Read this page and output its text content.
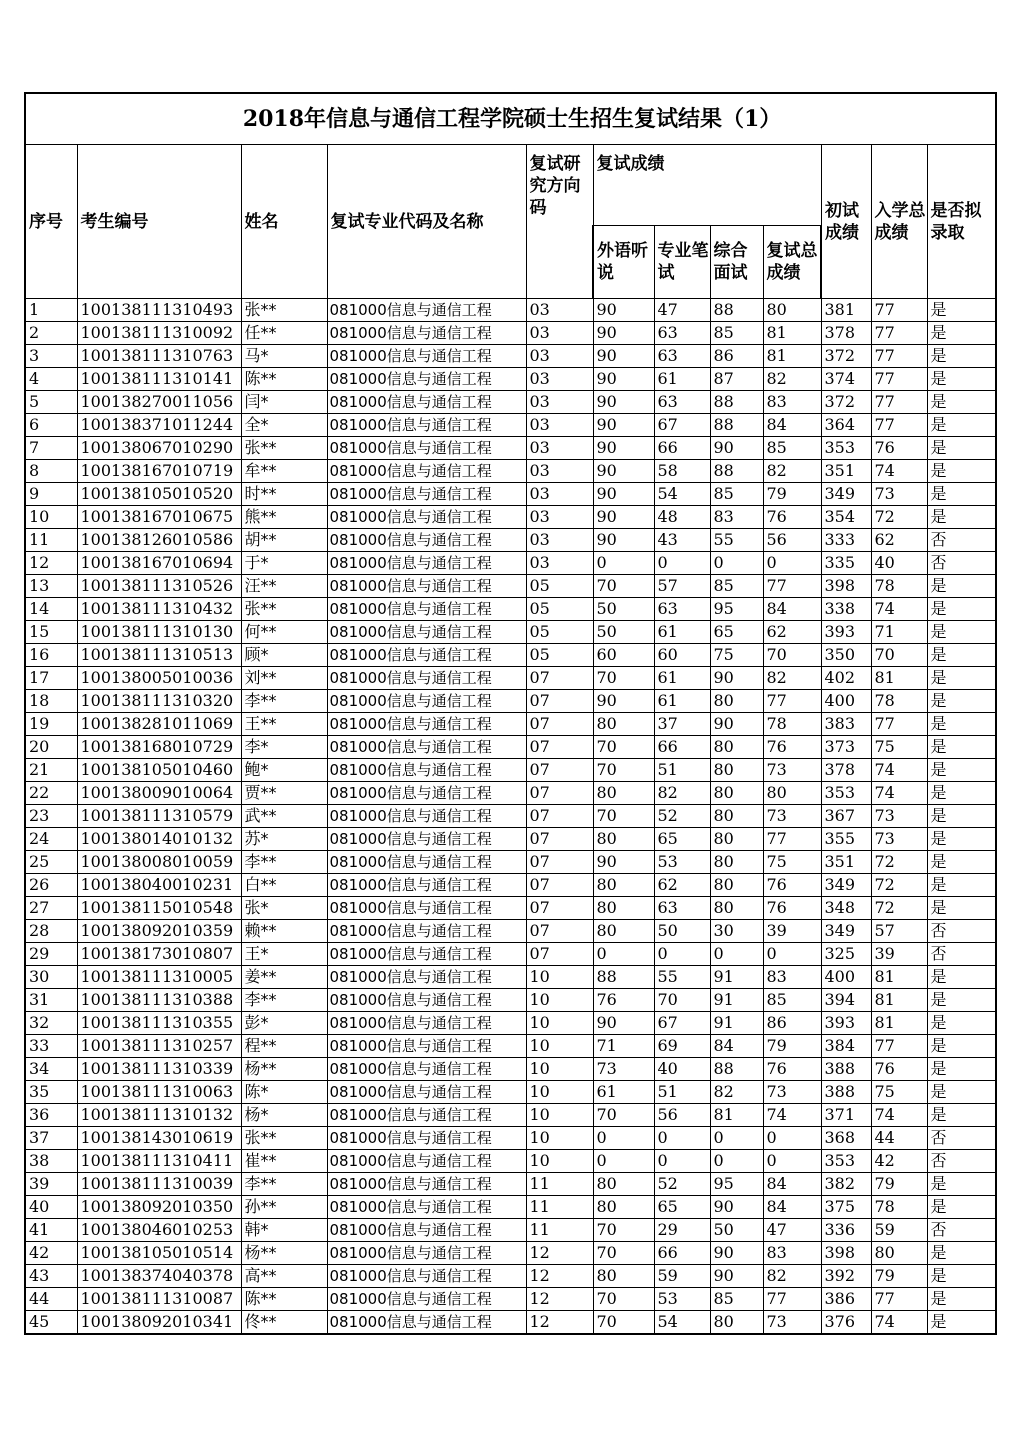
2018年信息与通信工程学院硕士生招生复试结果（1）											
序号	考生编号	姓名	复试专业代码及名称	复试研究方向码	复试成绩				初试成绩	入学总成绩	是否拟录取
					外语听说	专业笔试	综合面试	复试总成绩			
1	100138111310493	张**	081000信息与通信工程	03	90	47	88	80	381	77	是
2	100138111310092	任**	081000信息与通信工程	03	90	63	85	81	378	77	是
3	100138111310763	马*	081000信息与通信工程	03	90	63	86	81	372	77	是
4	100138111310141	陈**	081000信息与通信工程	03	90	61	87	82	374	77	是
5	100138270011056	闫*	081000信息与通信工程	03	90	63	88	83	372	77	是
6	100138371011244	全*	081000信息与通信工程	03	90	67	88	84	364	77	是
7	100138067010290	张**	081000信息与通信工程	03	90	66	90	85	353	76	是
8	100138167010719	牟**	081000信息与通信工程	03	90	58	88	82	351	74	是
9	100138105010520	时**	081000信息与通信工程	03	90	54	85	79	349	73	是
10	100138167010675	熊**	081000信息与通信工程	03	90	48	83	76	354	72	是
11	100138126010586	胡**	081000信息与通信工程	03	90	43	55	56	333	62	否
12	100138167010694	于*	081000信息与通信工程	03	0	0	0	0	335	40	否
13	100138111310526	汪**	081000信息与通信工程	05	70	57	85	77	398	78	是
14	100138111310432	张**	081000信息与通信工程	05	50	63	95	84	338	74	是
15	100138111310130	何**	081000信息与通信工程	05	50	61	65	62	393	71	是
16	100138111310513	顾*	081000信息与通信工程	05	60	60	75	70	350	70	是
17	100138005010036	刘**	081000信息与通信工程	07	70	61	90	82	402	81	是
18	100138111310320	李**	081000信息与通信工程	07	90	61	80	77	400	78	是
19	100138281011069	王**	081000信息与通信工程	07	80	37	90	78	383	77	是
20	100138168010729	李*	081000信息与通信工程	07	70	66	80	76	373	75	是
21	100138105010460	鲍*	081000信息与通信工程	07	70	51	80	73	378	74	是
22	100138009010064	贾**	081000信息与通信工程	07	80	82	80	80	353	74	是
23	100138111310579	武**	081000信息与通信工程	07	70	52	80	73	367	73	是
24	100138014010132	苏*	081000信息与通信工程	07	80	65	80	77	355	73	是
25	100138008010059	李**	081000信息与通信工程	07	90	53	80	75	351	72	是
26	100138040010231	白**	081000信息与通信工程	07	80	62	80	76	349	72	是
27	100138115010548	张*	081000信息与通信工程	07	80	63	80	76	348	72	是
28	100138092010359	赖**	081000信息与通信工程	07	80	50	30	39	349	57	否
29	100138173010807	王*	081000信息与通信工程	07	0	0	0	0	325	39	否
30	100138111310005	姜**	081000信息与通信工程	10	88	55	91	83	400	81	是
31	100138111310388	李**	081000信息与通信工程	10	76	70	91	85	394	81	是
32	100138111310355	彭*	081000信息与通信工程	10	90	67	91	86	393	81	是
33	100138111310257	程**	081000信息与通信工程	10	71	69	84	79	384	77	是
34	100138111310339	杨**	081000信息与通信工程	10	73	40	88	76	388	76	是
35	100138111310063	陈*	081000信息与通信工程	10	61	51	82	73	388	75	是
36	100138111310132	杨*	081000信息与通信工程	10	70	56	81	74	371	74	是
37	100138143010619	张**	081000信息与通信工程	10	0	0	0	0	368	44	否
38	100138111310411	崔**	081000信息与通信工程	10	0	0	0	0	353	42	否
39	100138111310039	李**	081000信息与通信工程	11	80	52	95	84	382	79	是
40	100138092010350	孙**	081000信息与通信工程	11	80	65	90	84	375	78	是
41	100138046010253	韩*	081000信息与通信工程	11	70	29	50	47	336	59	否
42	100138105010514	杨**	081000信息与通信工程	12	70	66	90	83	398	80	是
43	100138374040378	高**	081000信息与通信工程	12	80	59	90	82	392	79	是
44	100138111310087	陈**	081000信息与通信工程	12	70	53	85	77	386	77	是
45	100138092010341	佟**	081000信息与通信工程	12	70	54	80	73	376	74	是
